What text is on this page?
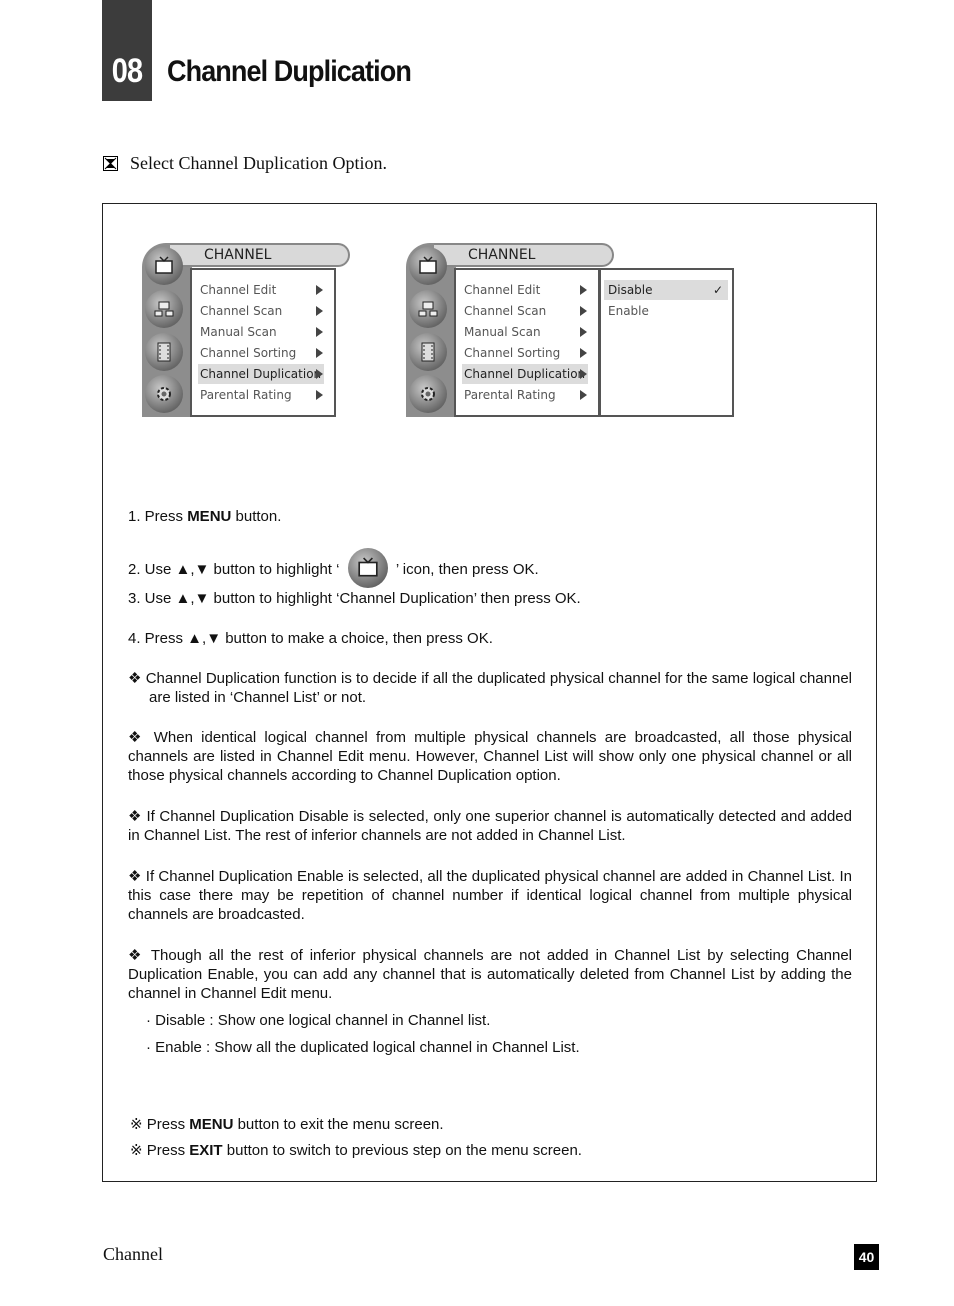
08 Channel Duplication
Select Channel Duplication Option.
CHANNEL
Channel Edit
Channel Scan
Manual Scan
Channel Sorting
Channel Duplication
Parental Rating
CHANNEL
Channel Edit
Channel Scan
Manual Scan
Channel Sorting
Channel Duplication
Parental Rating
Disable	✓
Enable
1. Press MENU button.
2. Use ▲,▼ button to highlight ‘	’ icon, then press OK.
3. Use ▲,▼ button to highlight ‘Channel Duplication’ then press OK.
4. Press ▲,▼ button to make a choice, then press OK.
❖ Channel Duplication function is to decide if all the duplicated physical channel for the same logical channel are listed in ‘Channel List’ or not.
❖ When identical logical channel from multiple physical channels are broadcasted, all those physical channels are listed in Channel Edit menu. However, Channel List will show only one physical channel or all those physical channels according to Channel Duplication option.
❖ If Channel Duplication Disable is selected, only one superior channel is automatically detected and added in Channel List. The rest of inferior channels are not added in Channel List.
❖ If Channel Duplication Enable is selected, all the duplicated physical channel are added in Channel List. In this case there may be repetition of channel number if identical logical channel from multiple physical channels are broadcasted.
❖ Though all the rest of inferior physical channels are not added in Channel List by selecting Channel Duplication Enable, you can add any channel that is automatically deleted from Channel List by adding the channel in Channel Edit menu.
· Disable : Show one logical channel in Channel list.
· Enable : Show all the duplicated logical channel in Channel List.
※ Press MENU button to exit the menu screen.
※ Press EXIT button to switch to previous step on the menu screen.
Channel	40
